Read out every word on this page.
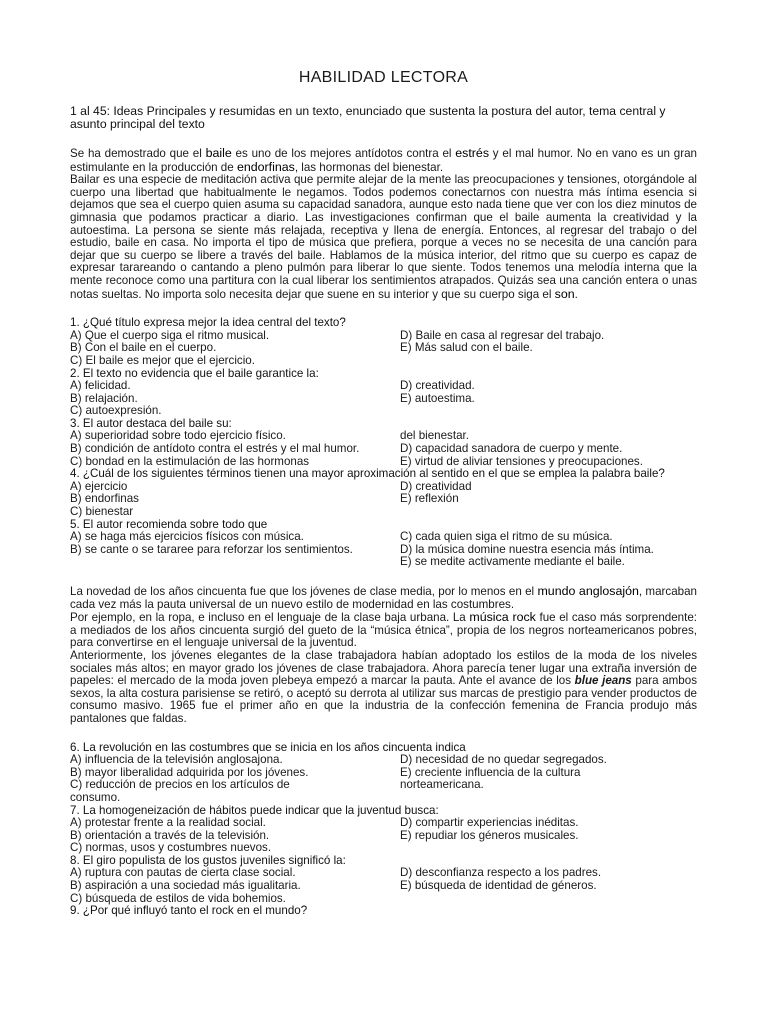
HABILIDAD LECTORA
1 al 45: Ideas Principales y resumidas en un texto, enunciado que sustenta la postura del autor, tema central y asunto principal del texto

Se ha demostrado que el baile es uno de los mejores antídotos contra el estrés y el mal humor. No en vano es un gran estimulante en la producción de endorfinas, las hormonas del bienestar.

Bailar es una especie de meditación activa que permite alejar de la mente las preocupaciones y tensiones, otorgándole al cuerpo una libertad que habitualmente le negamos. Todos podemos conectarnos con nuestra más íntima esencia si dejamos que sea el cuerpo quien asuma su capacidad sanadora, aunque esto nada tiene que ver con los diez minutos de gimnasia que podamos practicar a diario. Las investigaciones confirman que el baile aumenta la creatividad y la autoestima. La persona se siente más relajada, receptiva y llena de energía. Entonces, al regresar del trabajo o del estudio, baile en casa. No importa el tipo de música que prefiera, porque a veces no se necesita de una canción para dejar que su cuerpo se libere a través del baile. Hablamos de la música interior, del ritmo que su cuerpo es capaz de expresar tarareando o cantando a pleno pulmón para liberar lo que siente. Todos tenemos una melodía interna que la mente reconoce como una partitura con la cual liberar los sentimientos atrapados. Quizás sea una canción entera o unas notas sueltas. No importa solo necesita dejar que suene en su interior y que su cuerpo siga el son.

1. ¿Qué título expresa mejor la idea central del texto?

A) Que el cuerpo siga el ritmo musical.

B) Con el baile en el cuerpo.

C) El baile es mejor que el ejercicio.

D) Baile en casa al regresar del trabajo.

E) Más salud con el baile.

2. El texto no evidencia que el baile garantice la:

A) felicidad.

B) relajación.

C) autoexpresión.

D) creatividad.

E) autoestima.

3. El autor destaca del baile su:

A) superioridad sobre todo ejercicio físico.

B) condición de antídoto contra el estrés y el mal humor.

C) bondad en la estimulación de las hormonas

del bienestar.

D) capacidad sanadora de cuerpo y mente.

E) virtud de aliviar tensiones y preocupaciones.

4. ¿Cuál de los siguientes términos tienen una mayor aproximación al sentido en el que se emplea la palabra baile?

A) ejercicio

B) endorfinas

C) bienestar

D) creatividad

E) reflexión

5. El autor recomienda sobre todo que

A) se haga más ejercicios físicos con música.

B) se cante o se tararee para reforzar los sentimientos.

C) cada quien siga el ritmo de su música.

D) la música domine nuestra esencia más íntima.

E) se medite activamente mediante el baile.

La novedad de los años cincuenta fue que los jóvenes de clase media, por lo menos en el mundo anglosajón, marcaban cada vez más la pauta universal de un nuevo estilo de modernidad en las costumbres.

Por ejemplo, en la ropa, e incluso en el lenguaje de la clase baja urbana. La música rock fue el caso más sorprendente: a mediados de los años cincuenta surgió del gueto de la “música étnica”, propia de los negros norteamericanos pobres, para convertirse en el lenguaje universal de la juventud.

Anteriormente, los jóvenes elegantes de la clase trabajadora habían adoptado los estilos de la moda de los niveles sociales más altos; en mayor grado los jóvenes de clase trabajadora. Ahora parecía tener lugar una extraña inversión de papeles: el mercado de la moda joven plebeya empezó a marcar la pauta. Ante el avance de los blue jeans para ambos sexos, la alta costura parisiense se retiró, o aceptó su derrota al utilizar sus marcas de prestigio para vender productos de consumo masivo. 1965 fue el primer año en que la industria de la confección femenina de Francia produjo más pantalones que faldas.

6. La revolución en las costumbres que se inicia en los años cincuenta indica

A) influencia de la televisión anglosajona.

B) mayor liberalidad adquirida por los jóvenes.

C) reducción de precios en los artículos de consumo.

D) necesidad de no quedar segregados.

E) creciente influencia de la cultura norteamericana.

7. La homogeneización de hábitos puede indicar que la juventud busca:

A) protestar frente a la realidad social.

B) orientación a través de la televisión.

C) normas, usos y costumbres nuevos.

D) compartir experiencias inéditas.

E) repudiar los géneros musicales.

8. El giro populista de los gustos juveniles significó la:

A) ruptura con pautas de cierta clase social.

B) aspiración a una sociedad más igualitaria.

C) búsqueda de estilos de vida bohemios.

D) desconfianza respecto a los padres.

E) búsqueda de identidad de géneros.

9. ¿Por qué influyó tanto el rock en el mundo?
